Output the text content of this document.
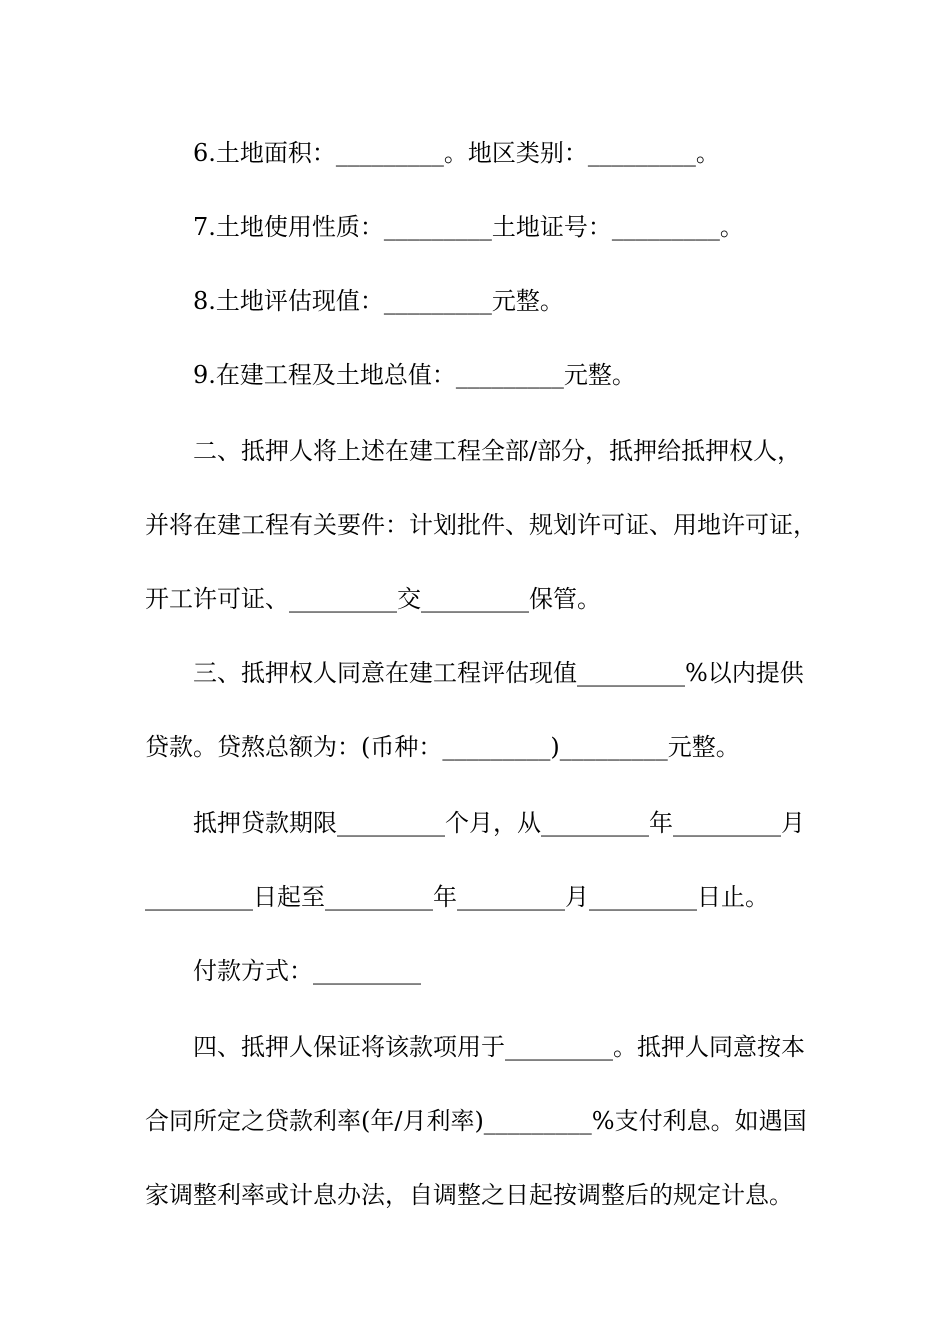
6.土地面积：_________。地区类别：_________。
7.土地使用性质：_________土地证号：_________。
8.土地评估现值：_________元整。
9.在建工程及土地总值：_________元整。
二、抵押人将上述在建工程全部/部分，抵押给抵押权人，
并将在建工程有关要件：计划批件、规划许可证、用地许可证，
开工许可证、_________交_________保管。
三、抵押权人同意在建工程评估现值_________%以内提供
贷款。贷熬总额为：(币种：_________)_________元整。
抵押贷款期限_________个月，从_________年_________月
_________日起至_________年_________月_________日止。
付款方式：_________
四、抵押人保证将该款项用于_________。抵押人同意按本
合同所定之贷款利率(年/月利率)_________%支付利息。如遇国
家调整利率或计息办法，自调整之日起按调整后的规定计息。
